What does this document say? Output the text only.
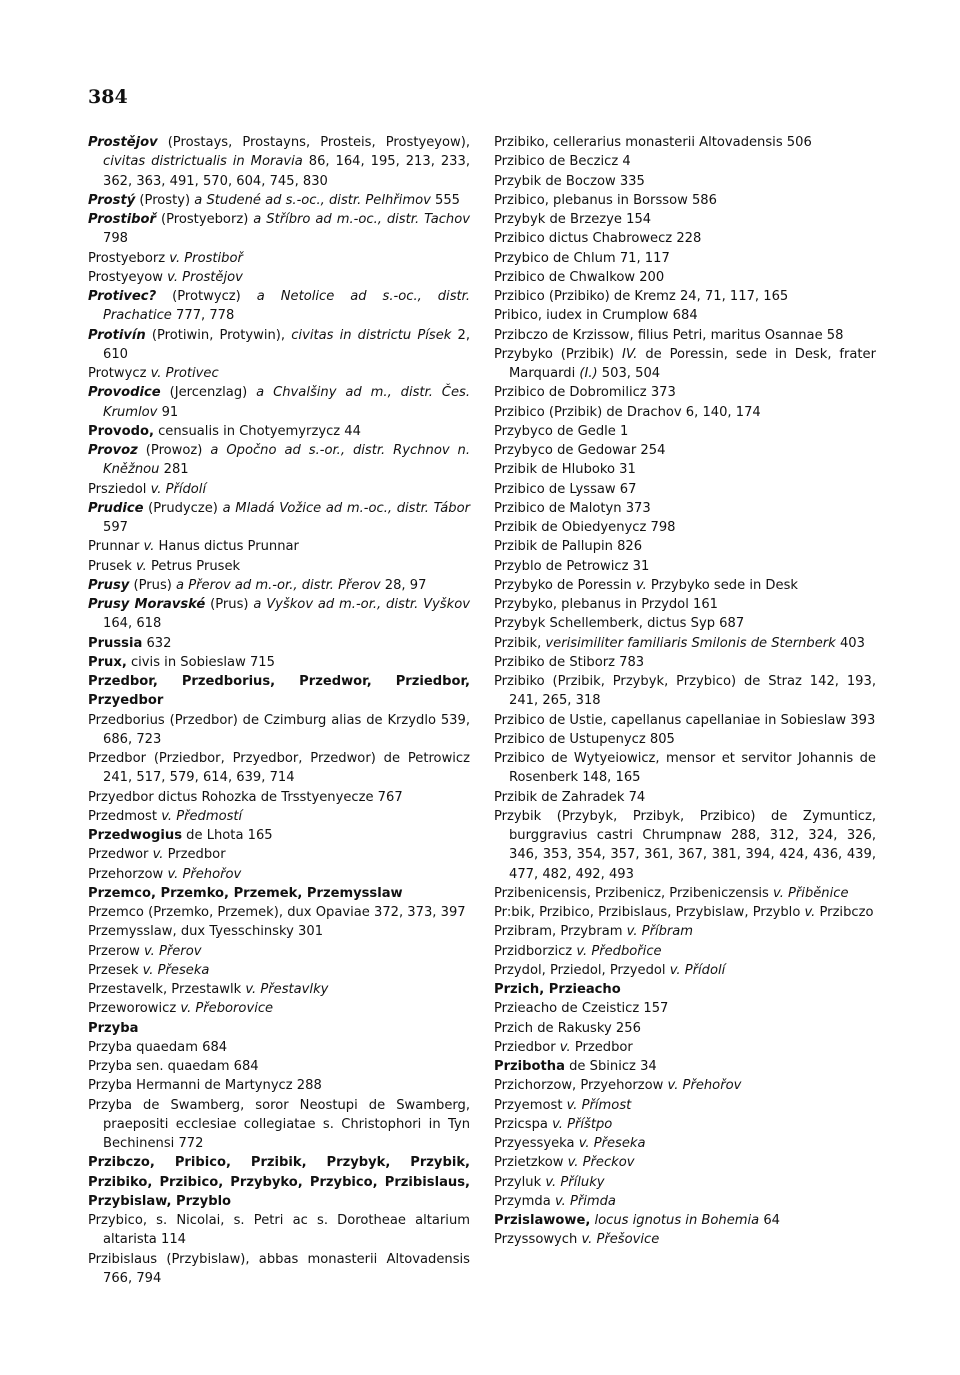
384
Prostějov (Prostays, Prostayns, Prosteis, Prostyeyow), civitas districtualis in Moravia 86, 164, 195, 213, 233, 362, 363, 491, 570, 604, 745, 830
Prostý (Prosty) a Studené ad s.-oc., distr. Pelhřimov 555
Prostiboř (Prostyeborz) a Stříbro ad m.-oc., distr. Tachov 798
Prostyeborz v. Prostiboř
Prostyeyow v. Prostějov
Protivec? (Protwycz) a Netolice ad s.-oc., distr. Prachatice 777, 778
Protivín (Protiwin, Protywin), civitas in districtu Písek 2, 610
Protwycz v. Protivec
Provodice (Jercenzlag) a Chvalšiny ad m., distr. Čes. Krumlov 91
Provodo, censualis in Chotyemyrzycz 44
Provoz (Prowoz) a Opočno ad s.-or., distr. Rychnov n. Kněžnou 281
Prsziedol v. Přídolí
Prudice (Prudycze) a Mladá Vožice ad m.-oc., distr. Tábor 597
Prunnar v. Hanus dictus Prunnar
Prusek v. Petrus Prusek
Prusy (Prus) a Přerov ad m.-or., distr. Přerov 28, 97
Prusy Moravské (Prus) a Vyškov ad m.-or., distr. Vyškov 164, 618
Prussia 632
Prux, civis in Sobieslaw 715
Przedbor, Przedborius, Przedwor, Prziedbor, Przyedbor
Przedborius (Przedbor) de Czimburg alias de Krzydlo 539, 686, 723
Przedbor (Prziedbor, Przyedbor, Przedwor) de Petrowicz 241, 517, 579, 614, 639, 714
Przyedbor dictus Rohozka de Trsstyenyecze 767
Przedmost v. Předmostí
Przedwogius de Lhota 165
Przedwor v. Przedbor
Przehorzow v. Přehořov
Przemco, Przemko, Przemek, Przemysslaw
Przemco (Przemko, Przemek), dux Opaviae 372, 373, 397
Przemysslaw, dux Tyesschinsky 301
Przerow v. Přerov
Przesek v. Přeseka
Przestavelk, Przestawlk v. Přestavlky
Przeworowicz v. Přeborovice
Przyba
Przyba quaedam 684
Przyba sen. quaedam 684
Przyba Hermanni de Martynycz 288
Przyba de Swamberg, soror Neostupi de Swamberg, praepositi ecclesiae collegiatae s. Christophori in Tyn Bechinensi 772
Przibczo, Pribico, Przibik, Przybyk, Przybik, Przibiko, Przibico, Przybyko, Przybico, Przibislaus, Przybislaw, Przyblo
Przybico, s. Nicolai, s. Petri ac s. Dorotheae altarium altarista 114
Przibislaus (Przybislaw), abbas monasterii Altovadensis 766, 794
Przibiko, cellerarius monasterii Altovadensis 506
Przibico de Beczicz 4
Przybik de Boczow 335
Przibico, plebanus in Borssow 586
Przybyk de Brzezye 154
Przibico dictus Chabrowecz 228
Przybico de Chlum 71, 117
Przibico de Chwalkow 200
Przibico (Przibiko) de Kremz 24, 71, 117, 165
Pribico, iudex in Crumplow 684
Przibczo de Krzissow, filius Petri, maritus Osannae 58
Przybyko (Przibik) IV. de Poressin, sede in Desk, frater Marquardi (I.) 503, 504
Przibico de Dobromilicz 373
Przibico (Przibik) de Drachov 6, 140, 174
Przybyco de Gedle 1
Przybyco de Gedowar 254
Przibik de Hluboko 31
Przibico de Lyssaw 67
Przibico de Malotyn 373
Przibik de Obiedyenycz 798
Przibik de Pallupin 826
Przyblo de Petrowicz 31
Przybyko de Poressin v. Przybyko sede in Desk
Przybyko, plebanus in Przydol 161
Przybyk Schellemberk, dictus Syp 687
Przibik, verisimiliter familiaris Smilonis de Sternberk 403
Przibiko de Stiborz 783
Przibiko (Przibik, Przybyk, Przybico) de Straz 142, 193, 241, 265, 318
Przibico de Ustie, capellanus capellaniae in Sobieslaw 393
Przibico de Ustupenycz 805
Przibico de Wytyeiowicz, mensor et servitor Johannis de Rosenberk 148, 165
Przibik de Zahradek 74
Przybik (Przybyk, Przibyk, Przibico) de Zymunticz, burggravius castri Chrumpnaw 288, 312, 324, 326, 346, 353, 354, 357, 361, 367, 381, 394, 424, 436, 439, 477, 482, 492, 493
Przibenicensis, Przibenicz, Przibeniczensis v. Přiběnice
Pr:bik, Przibico, Przibislaus, Przybislaw, Przyblo v. Przibczo
Przibram, Przybram v. Příbram
Przidborzicz v. Předbořice
Przydol, Prziedol, Przyedol v. Přídolí
Przich, Przieacho
Przieacho de Czeisticz 157
Przich de Rakusky 256
Prziedbor v. Przedbor
Przibotha de Sbinicz 34
Przichorzow, Przyehorzow v. Přehořov
Przyemost v. Přímost
Przicspa v. Příštpo
Przyessyeka v. Přeseka
Przietzkow v. Přeckov
Przyluk v. Příluky
Przymda v. Přimda
Przislawowe, locus ignotus in Bohemia 64
Przyssowych v. Přešovice
